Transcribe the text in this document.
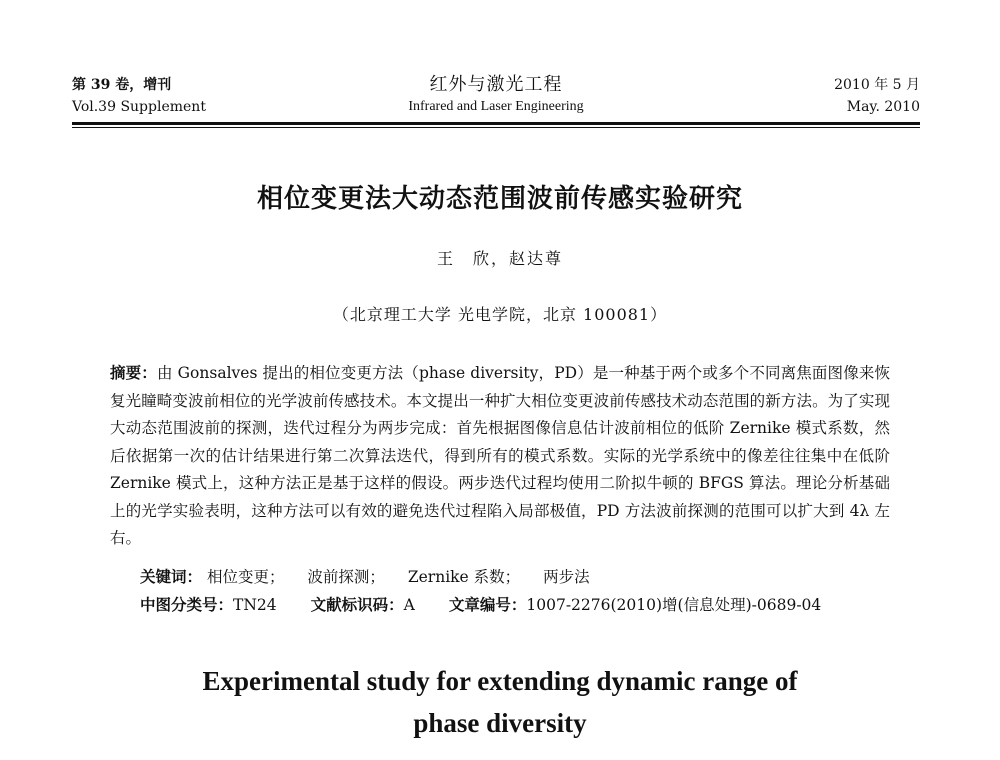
第 39 卷，增刊
Vol.39 Supplement
红外与激光工程
Infrared and Laser Engineering
2010 年 5 月
May. 2010
相位变更法大动态范围波前传感实验研究
王　欣，赵达尊
（北京理工大学 光电学院，北京 100081）
摘要：由 Gonsalves 提出的相位变更方法（phase diversity，PD）是一种基于两个或多个不同离焦面图像来恢复光瞳畸变波前相位的光学波前传感技术。本文提出一种扩大相位变更波前传感技术动态范围的新方法。为了实现大动态范围波前的探测，迭代过程分为两步完成：首先根据图像信息估计波前相位的低阶 Zernike 模式系数，然后依据第一次的估计结果进行第二次算法迭代，得到所有的模式系数。实际的光学系统中的像差往往集中在低阶 Zernike 模式上，这种方法正是基于这样的假设。两步迭代过程均使用二阶拟牛顿的 BFGS 算法。理论分析基础上的光学实验表明，这种方法可以有效的避免迭代过程陷入局部极值，PD 方法波前探测的范围可以扩大到 4λ 左右。
关键词： 相位变更； 波前探测； Zernike 系数； 两步法
中图分类号：TN24 文献标识码：A 文章编号：1007-2276(2010)增(信息处理)-0689-04
Experimental study for extending dynamic range of
phase diversity
